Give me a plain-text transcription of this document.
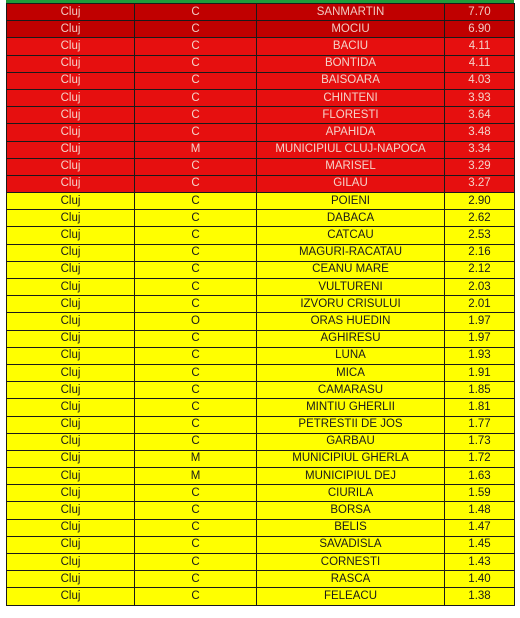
Cluj	C	SANMARTIN	7.70
Cluj	C	MOCIU	6.90
Cluj	C	BACIU	4.11
Cluj	C	BONTIDA	4.11
Cluj	C	BAISOARA	4.03
Cluj	C	CHINTENI	3.93
Cluj	C	FLORESTI	3.64
Cluj	C	APAHIDA	3.48
Cluj	M	MUNICIPIUL CLUJ-NAPOCA	3.34
Cluj	C	MARISEL	3.29
Cluj	C	GILAU	3.27
Cluj	C	POIENI	2.90
Cluj	C	DABACA	2.62
Cluj	C	CATCAU	2.53
Cluj	C	MAGURI-RACATAU	2.16
Cluj	C	CEANU MARE	2.12
Cluj	C	VULTURENI	2.03
Cluj	C	IZVORU CRISULUI	2.01
Cluj	O	ORAS HUEDIN	1.97
Cluj	C	AGHIRESU	1.97
Cluj	C	LUNA	1.93
Cluj	C	MICA	1.91
Cluj	C	CAMARASU	1.85
Cluj	C	MINTIU GHERLII	1.81
Cluj	C	PETRESTII DE JOS	1.77
Cluj	C	GARBAU	1.73
Cluj	M	MUNICIPIUL GHERLA	1.72
Cluj	M	MUNICIPIUL DEJ	1.63
Cluj	C	CIURILA	1.59
Cluj	C	BORSA	1.48
Cluj	C	BELIS	1.47
Cluj	C	SAVADISLA	1.45
Cluj	C	CORNESTI	1.43
Cluj	C	RASCA	1.40
Cluj	C	FELEACU	1.38
